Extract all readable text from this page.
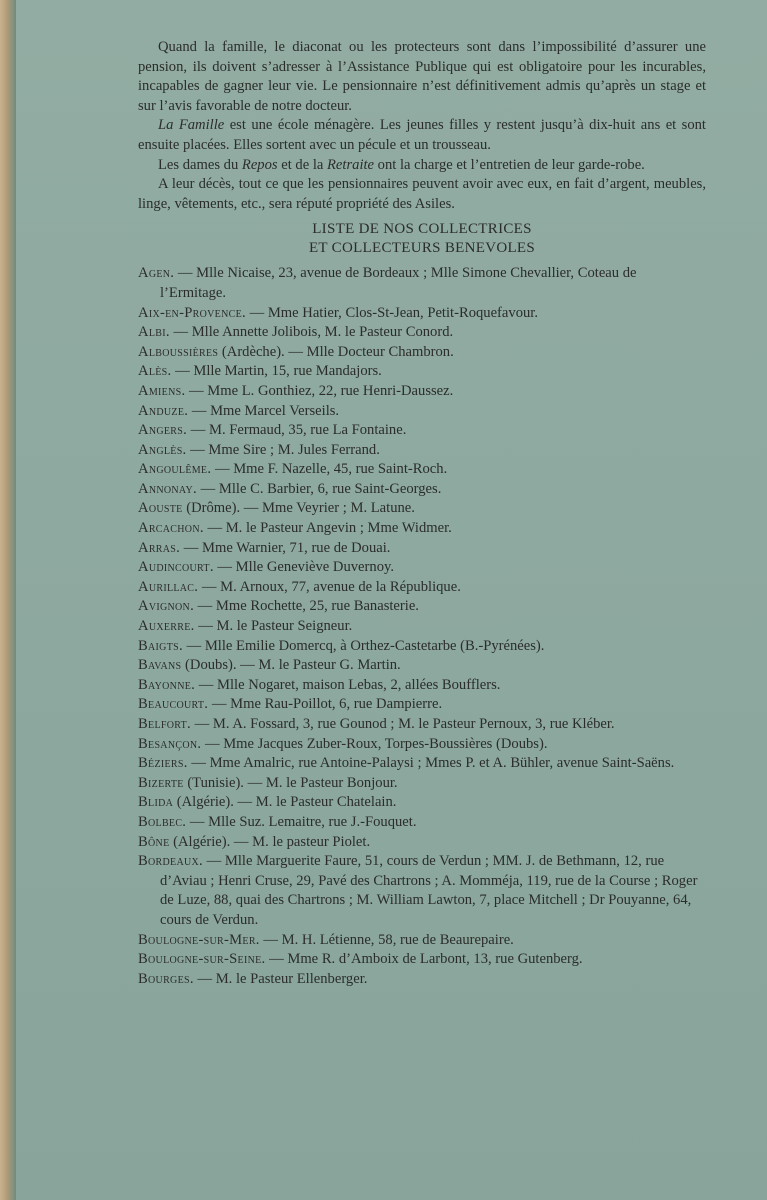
Quand la famille, le diaconat ou les protecteurs sont dans l’impossibilité d’assurer une pension, ils doivent s’adresser à l’Assistance Publique qui est obligatoire pour les incurables, incapables de gagner leur vie. Le pensionnaire n’est définitivement admis qu’après un stage et sur l’avis favorable de notre docteur.

La Famille est une école ménagère. Les jeunes filles y restent jusqu’à dix-huit ans et sont ensuite placées. Elles sortent avec un pécule et un trousseau.

Les dames du Repos et de la Retraite ont la charge et l’entretien de leur garde-robe.

A leur décès, tout ce que les pensionnaires peuvent avoir avec eux, en fait d’argent, meubles, linge, vêtements, etc., sera réputé propriété des Asiles.

LISTE DE NOS COLLECTRICES
ET COLLECTEURS BENEVOLES
Agen. — Mlle Nicaise, 23, avenue de Bordeaux ; Mlle Simone Chevallier, Coteau de l’Ermitage.
Aix-en-Provence. — Mme Hatier, Clos-St-Jean, Petit-Roquefavour.
Albi. — Mlle Annette Jolibois, M. le Pasteur Conord.
Alboussières (Ardèche). — Mlle Docteur Chambron.
Alès. — Mlle Martin, 15, rue Mandajors.
Amiens. — Mme L. Gonthiez, 22, rue Henri-Daussez.
Anduze. — Mme Marcel Verseils.
Angers. — M. Fermaud, 35, rue La Fontaine.
Anglès. — Mme Sire ; M. Jules Ferrand.
Angoulême. — Mme F. Nazelle, 45, rue Saint-Roch.
Annonay. — Mlle C. Barbier, 6, rue Saint-Georges.
Aouste (Drôme). — Mme Veyrier ; M. Latune.
Arcachon. — M. le Pasteur Angevin ; Mme Widmer.
Arras. — Mme Warnier, 71, rue de Douai.
Audincourt. — Mlle Geneviève Duvernoy.
Aurillac. — M. Arnoux, 77, avenue de la République.
Avignon. — Mme Rochette, 25, rue Banasterie.
Auxerre. — M. le Pasteur Seigneur.
Baigts. — Mlle Emilie Domercq, à Orthez-Castetarbe (B.-Pyrénées).
Bavans (Doubs). — M. le Pasteur G. Martin.
Bayonne. — Mlle Nogaret, maison Lebas, 2, allées Boufflers.
Beaucourt. — Mme Rau-Poillot, 6, rue Dampierre.
Belfort. — M. A. Fossard, 3, rue Gounod ; M. le Pasteur Pernoux, 3, rue Kléber.
Besançon. — Mme Jacques Zuber-Roux, Torpes-Boussières (Doubs).
Béziers. — Mme Amalric, rue Antoine-Palaysi ; Mmes P. et A. Bühler, avenue Saint-Saëns.
Bizerte (Tunisie). — M. le Pasteur Bonjour.
Blida (Algérie). — M. le Pasteur Chatelain.
Bolbec. — Mlle Suz. Lemaitre, rue J.-Fouquet.
Bône (Algérie). — M. le pasteur Piolet.
Bordeaux. — Mlle Marguerite Faure, 51, cours de Verdun ; MM. J. de Bethmann, 12, rue d’Aviau ; Henri Cruse, 29, Pavé des Chartrons ; A. Momméja, 119, rue de la Course ; Roger de Luze, 88, quai des Chartrons ; M. William Lawton, 7, place Mitchell ; Dr Pouyanne, 64, cours de Verdun.
Boulogne-sur-Mer. — M. H. Létienne, 58, rue de Beaurepaire.
Boulogne-sur-Seine. — Mme R. d’Amboix de Larbont, 13, rue Gutenberg.
Bourges. — M. le Pasteur Ellenberger.
